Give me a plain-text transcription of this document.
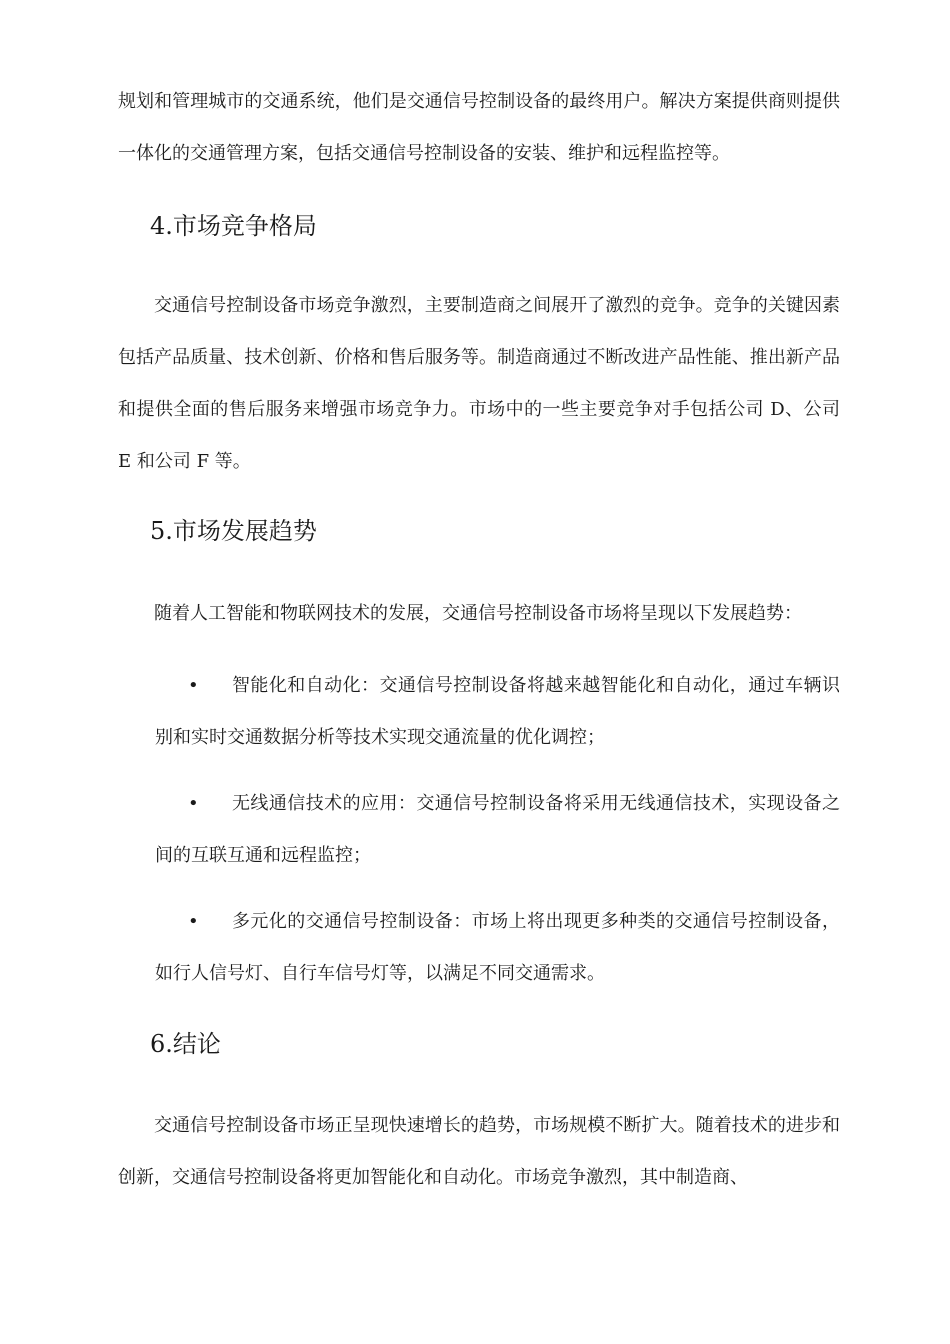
规划和管理城市的交通系统，他们是交通信号控制设备的最终用户。解决方案提供商则提供一体化的交通管理方案，包括交通信号控制设备的安装、维护和远程监控等。

4.市场竞争格局

交通信号控制设备市场竞争激烈，主要制造商之间展开了激烈的竞争。竞争的关键因素包括产品质量、技术创新、价格和售后服务等。制造商通过不断改进产品性能、推出新产品和提供全面的售后服务来增强市场竞争力。市场中的一些主要竞争对手包括公司 D、公司 E 和公司 F 等。

5.市场发展趋势

随着人工智能和物联网技术的发展，交通信号控制设备市场将呈现以下发展趋势：

•	智能化和自动化：交通信号控制设备将越来越智能化和自动化，通过车辆识别和实时交通数据分析等技术实现交通流量的优化调控；
•	无线通信技术的应用：交通信号控制设备将采用无线通信技术，实现设备之间的互联互通和远程监控；
•	多元化的交通信号控制设备：市场上将出现更多种类的交通信号控制设备，如行人信号灯、自行车信号灯等，以满足不同交通需求。
6.结论

交通信号控制设备市场正呈现快速增长的趋势，市场规模不断扩大。随着技术的进步和创新，交通信号控制设备将更加智能化和自动化。市场竞争激烈，其中制造商、
